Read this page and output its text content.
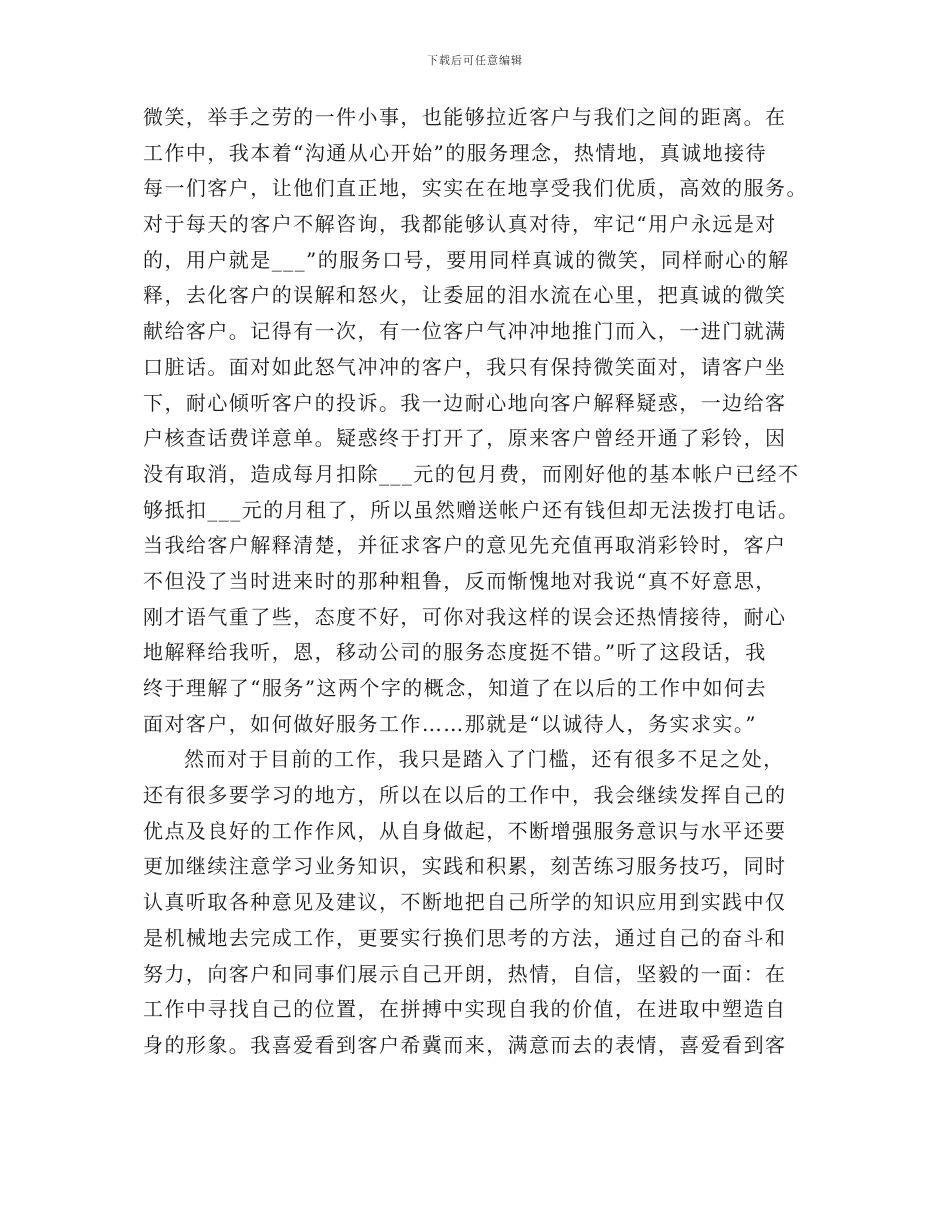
下载后可任意编辑
微笑，举手之劳的一件小事，也能够拉近客户与我们之间的距离。在
工作中，我本着“沟通从心开始”的服务理念，热情地，真诚地接待
每一们客户，让他们直正地，实实在在地享受我们优质，高效的服务。
对于每天的客户不解咨询，我都能够认真对待，牢记“用户永远是对
的，用户就是___”的服务口号，要用同样真诚的微笑，同样耐心的解
释，去化客户的误解和怒火，让委屈的泪水流在心里，把真诚的微笑
献给客户。记得有一次，有一位客户气冲冲地推门而入，一进门就满
口脏话。面对如此怒气冲冲的客户，我只有保持微笑面对，请客户坐
下，耐心倾听客户的投诉。我一边耐心地向客户解释疑惑，一边给客
户核查话费详意单。疑惑终于打开了，原来客户曾经开通了彩铃，因
没有取消，造成每月扣除___元的包月费，而刚好他的基本帐户已经不
够抵扣___元的月租了，所以虽然赠送帐户还有钱但却无法拨打电话。
当我给客户解释清楚，并征求客户的意见先充值再取消彩铃时，客户
不但没了当时进来时的那种粗鲁，反而惭愧地对我说“真不好意思，
刚才语气重了些，态度不好，可你对我这样的误会还热情接待，耐心
地解释给我听，恩，移动公司的服务态度挺不错。”听了这段话，我
终于理解了“服务”这两个字的概念，知道了在以后的工作中如何去
面对客户，如何做好服务工作……那就是“以诚待人，务实求实。”
然而对于目前的工作，我只是踏入了门槛，还有很多不足之处，
还有很多要学习的地方，所以在以后的工作中，我会继续发挥自己的
优点及良好的工作作风，从自身做起，不断增强服务意识与水平还要
更加继续注意学习业务知识，实践和积累，刻苦练习服务技巧，同时
认真听取各种意见及建议，不断地把自己所学的知识应用到实践中仅
是机械地去完成工作，更要实行换们思考的方法，通过自己的奋斗和
努力，向客户和同事们展示自己开朗，热情，自信，坚毅的一面：在
工作中寻找自己的位置，在拼搏中实现自我的价值，在进取中塑造自
身的形象。我喜爱看到客户希冀而来，满意而去的表情，喜爱看到客
